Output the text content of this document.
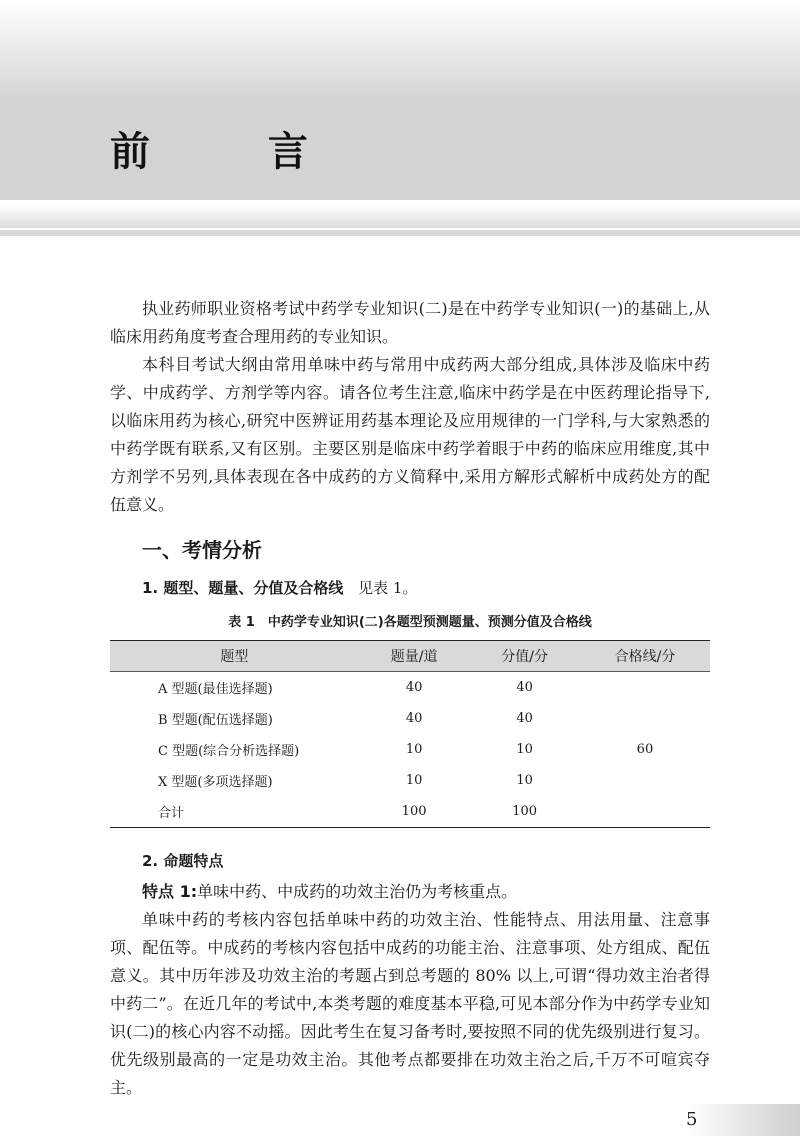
前 言

执业药师职业资格考试中药学专业知识(二)是在中药学专业知识(一)的基础上,从临床用药角度考查合理用药的专业知识。

本科目考试大纲由常用单味中药与常用中成药两大部分组成,具体涉及临床中药学、中成药学、方剂学等内容。请各位考生注意,临床中药学是在中医药理论指导下,以临床用药为核心,研究中医辨证用药基本理论及应用规律的一门学科,与大家熟悉的中药学既有联系,又有区别。主要区别是临床中药学着眼于中药的临床应用维度,其中方剂学不另列,具体表现在各中成药的方义简释中,采用方解形式解析中成药处方的配伍意义。

一、考情分析
1. 题型、题量、分值及合格线 见表 1。
表 1　中药学专业知识(二)各题型预测题量、预测分值及合格线
题型	题量/道	分值/分	合格线/分
A 型题(最佳选择题)	40	40	60
B 型题(配伍选择题)	40	40	
C 型题(综合分析选择题)	10	10	
X 型题(多项选择题)	10	10	
合计	100	100	
2. 命题特点

特点 1:单味中药、中成药的功效主治仍为考核重点。

单味中药的考核内容包括单味中药的功效主治、性能特点、用法用量、注意事项、配伍等。中成药的考核内容包括中成药的功能主治、注意事项、处方组成、配伍意义。其中历年涉及功效主治的考题占到总考题的 80% 以上,可谓“得功效主治者得中药二”。在近几年的考试中,本类考题的难度基本平稳,可见本部分作为中药学专业知识(二)的核心内容不动摇。因此考生在复习备考时,要按照不同的优先级别进行复习。优先级别最高的一定是功效主治。其他考点都要排在功效主治之后,千万不可喧宾夺主。

5
